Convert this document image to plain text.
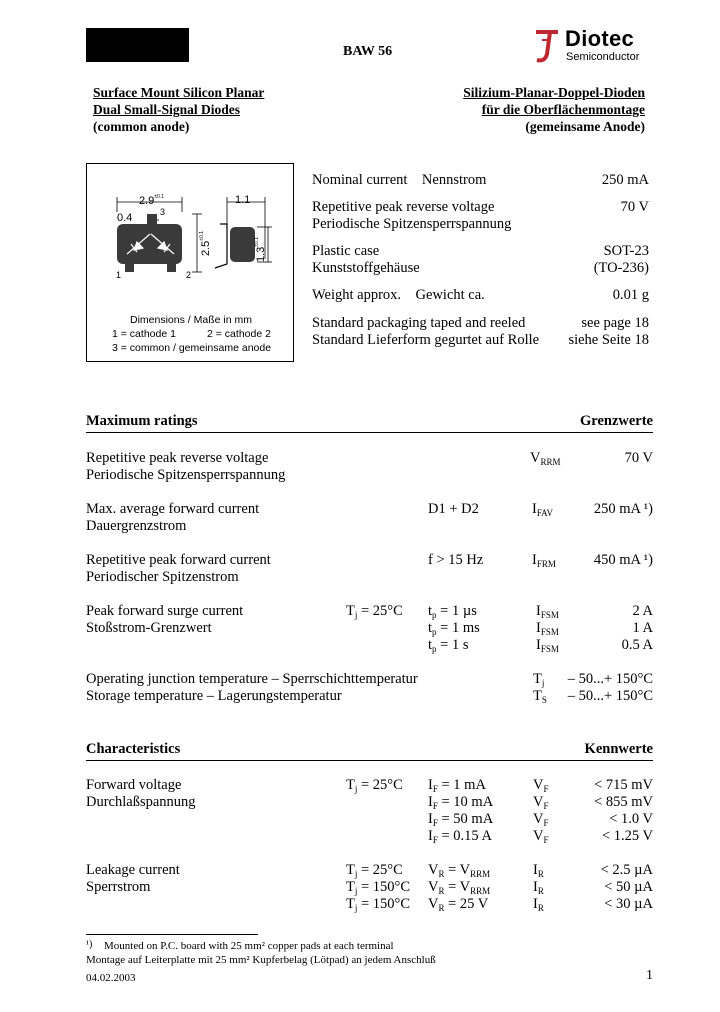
BAW 56
Diotec
Semiconductor
Surface Mount Silicon Planar
Dual Small-Signal Diodes
(common anode)
Silizium-Planar-Doppel-Dioden
für die Oberflächenmontage
(gemeinsame Anode)
$2.9^{\pm 0.1}$
0.4
1.1
$2.5^{\pm 0.1}$
$1.3^{\pm 0.1}$
3
1	2
Dimensions / Maße in mm
1 = cathode 1	2 = cathode 2
3 = common / gemeinsame anode
Nominal current    Nennstrom	250 mA
Repetitive peak reverse voltage
Periodische Spitzensperrspannung
70 V
Plastic case
Kunststoffgehäuse
SOT-23
(TO-236)
Weight approx.    Gewicht ca.	0.01 g
Standard packaging taped and reeled
Standard Lieferform gegurtet auf Rolle
see page 18
siehe Seite 18
Maximum ratings	Grenzwerte
Repetitive peak reverse voltage
Periodische Spitzensperrspannung
$V_{RRM}$	70 V
Max. average forward current
Dauergrenzstrom
D1 + D2	$I_{FAV}$	250 mA ¹)
Repetitive peak forward current
Periodischer Spitzenstrom
f > 15 Hz	$I_{FRM}$	450 mA ¹)
Peak forward surge current
Stoßstrom-Grenzwert
$T_j = 25^\circ C$ $t_p = 1$ µs	$I_{FSM}$	2 A
$t_p = 1$ ms	$I_{FSM}$	1 A
$t_p = 1$ s	$I_{FSM}$	0.5 A
Operating junction temperature – Sperrschichttemperatur	$T_j - 50...+ 150^\circ C$
Storage temperature – Lagerungstemperatur	$T_S - 50...+ 150^\circ C$
Characteristics	Kennwerte
Forward voltage
Durchlaßspannung
$T_j = 25^\circ C$ $I_F = 1$ mA	$V_F$	< 715 mV
$I_F = 10$ mA	$V_F$	< 855 mV
$I_F = 50$ mA	$V_F$	< 1.0 V
$I_F = 0.15$ A	$V_F$	< 1.25 V
Leakage current
Sperrstrom
$T_j = 25^\circ C$ $V_R = V_{RRM}$	$I_R$	< 2.5 µA
$T_j = 150^\circ C$ $V_R = V_{RRM}$	$I_R$	< 50 µA
$T_j = 150^\circ C$ $V_R = 25$ V	$I_R$	< 30 µA
¹) Mounted on P.C. board with 25 mm² copper pads at each terminal
Montage auf Leiterplatte mit 25 mm² Kupferbelag (Lötpad) an jedem Anschluß
04.02.2003	1
